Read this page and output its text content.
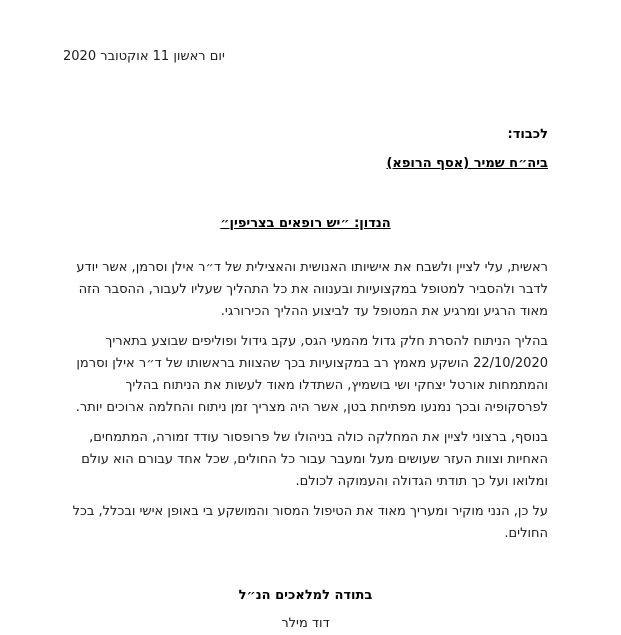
יום ראשון 11 אוקטובר 2020
לכבוד:
ביה״ח שמיר (אסף הרופא)
הנדון: ״יש רופאים בצריפין״

ראשית, עלי לציין ולשבח את אישיותו האנושית והאצילית של ד״ר אילן וסרמן, אשר יודע לדבר ולהסביר למטופל במקצועיות ובענווה את כל התהליך שעליו לעבור, ההסבר הזה מאוד הרגיע ומרגיע את המטופל עד לביצוע ההליך הכירורגי.

בהליך הניתוח להסרת חלק גדול מהמעי הגס, עקב גידול ופוליפים שבוצע בתאריך 22/10/2020 הושקע מאמץ רב במקצועיות בכך שהצוות בראשותו של ד״ר אילן וסרמן והמתמחות אורטל יצחקי ושי בושמיץ, השתדלו מאוד לעשות את הניתוח בהליך לפרסקופיה ובכך נמנעו מפתיחת בטן, אשר היה מצריך זמן ניתוח והחלמה ארוכים יותר.

בנוסף, ברצוני לציין את המחלקה כולה בניהולו של פרופסור עודד זמורה, המתמחים, האחיות וצוות העזר שעושים מעל ומעבר עבור כל החולים, שכל אחד עבורם הוא עולם ומלואו ועל כך תודתי הגדולה והעמוקה לכולם.

על כן, הנני מוקיר ומעריך מאוד את הטיפול המסור והמושקע בי באופן אישי ובכלל, בכל החולים.

בתודה למלאכים הנ״ל
דוד מילר
